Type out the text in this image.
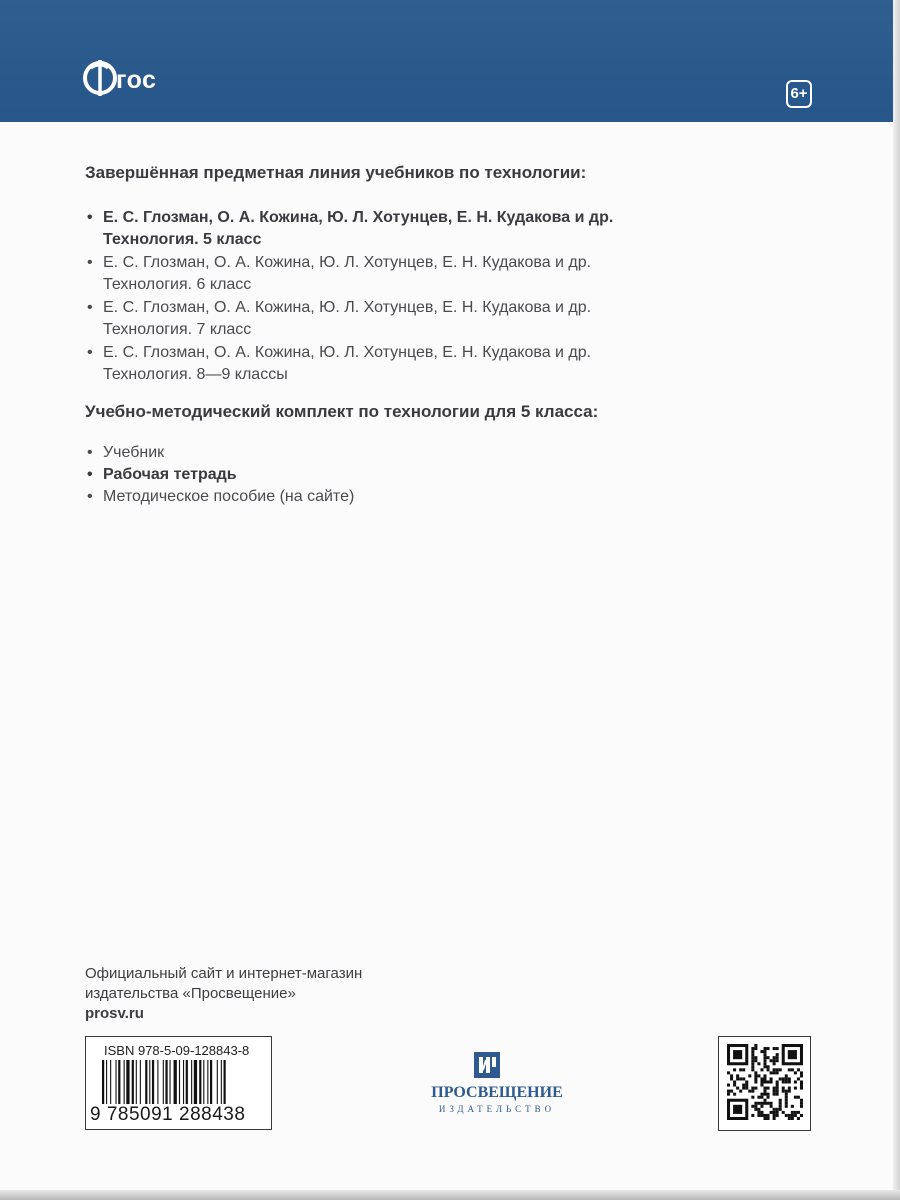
гос	6+
Завершённая предметная линия учебников по технологии:
• Е. С. Глозман, О. А. Кожина, Ю. Л. Хотунцев, Е. Н. Кудакова и др.
Технология. 5 класс
• Е. С. Глозман, О. А. Кожина, Ю. Л. Хотунцев, Е. Н. Кудакова и др.
Технология. 6 класс
• Е. С. Глозман, О. А. Кожина, Ю. Л. Хотунцев, Е. Н. Кудакова и др.
Технология. 7 класс
• Е. С. Глозман, О. А. Кожина, Ю. Л. Хотунцев, Е. Н. Кудакова и др.
Технология. 8—9 классы
Учебно-методический комплект по технологии для 5 класса:
• Учебник
• Рабочая тетрадь
• Методическое пособие (на сайте)
Официальный сайт и интернет-магазин
издательства «Просвещение»
prosv.ru
ISBN 978-5-09-128843-8
9 785091 288438
ПРОСВЕЩЕНИЕ
ИЗДАТЕЛЬСТВО
